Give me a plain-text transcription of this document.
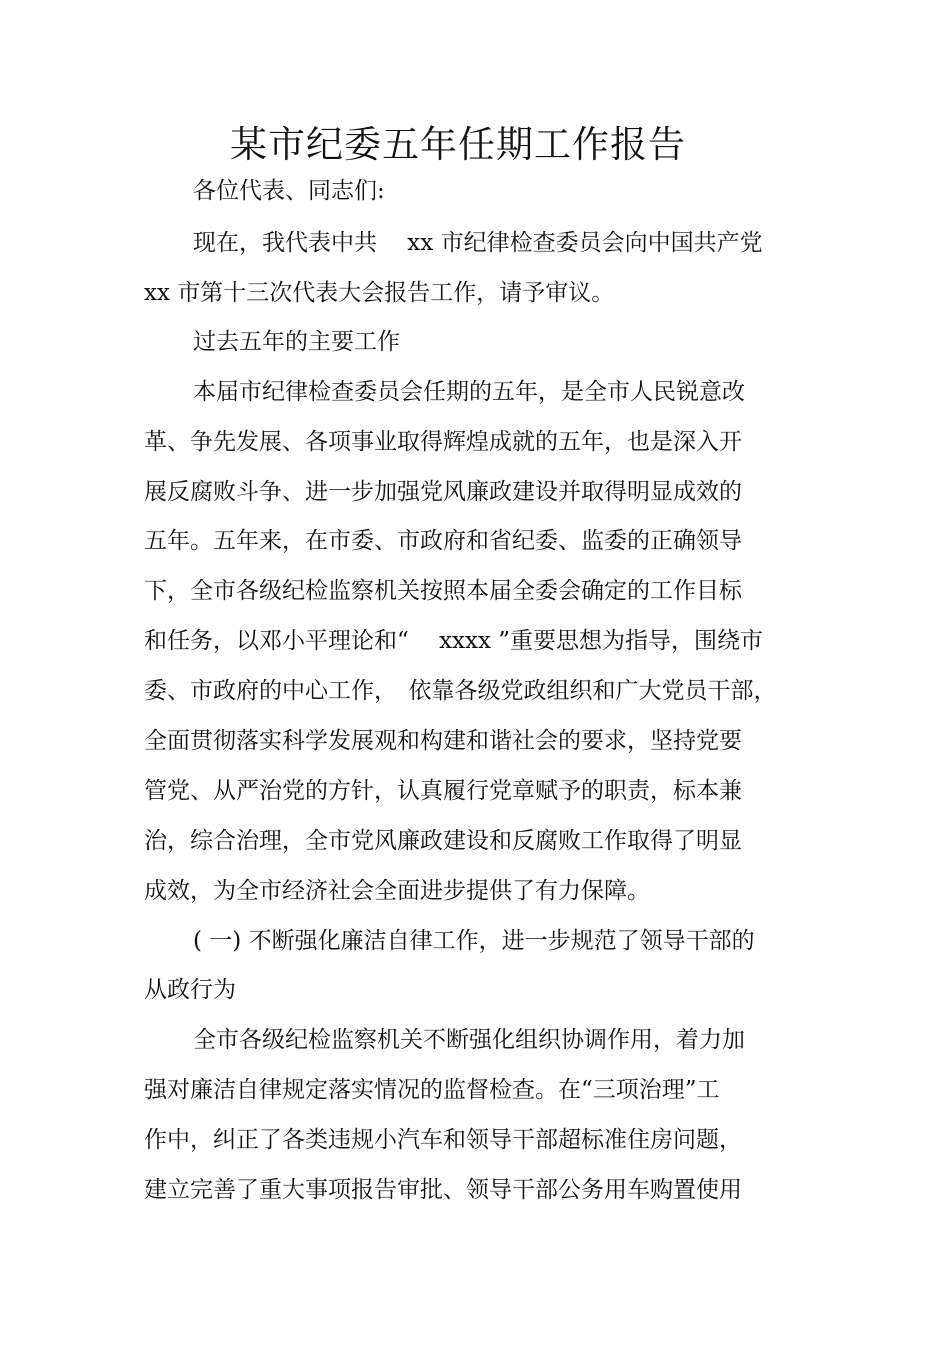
某市纪委五年任期工作报告

各位代表、同志们:

现在，我代表中共　 xx 市纪律检查委员会向中国共产党

xx 市第十三次代表大会报告工作，请予审议。

过去五年的主要工作

本届市纪律检查委员会任期的五年，是全市人民锐意改

革、争先发展、各项事业取得辉煌成就的五年，也是深入开

展反腐败斗争、进一步加强党风廉政建设并取得明显成效的

五年。五年来，在市委、市政府和省纪委、监委的正确领导

下，全市各级纪检监察机关按照本届全委会确定的工作目标

和任务，以邓小平理论和“　 xxxx ”重要思想为指导，围绕市

委、市政府的中心工作，　依靠各级党政组织和广大党员干部，

全面贯彻落实科学发展观和构建和谐社会的要求，坚持党要

管党、从严治党的方针，认真履行党章赋予的职责，标本兼

治，综合治理，全市党风廉政建设和反腐败工作取得了明显

成效，为全市经济社会全面进步提供了有力保障。

( 一) 不断强化廉洁自律工作，进一步规范了领导干部的

从政行为

全市各级纪检监察机关不断强化组织协调作用，着力加

强对廉洁自律规定落实情况的监督检查。在“三项治理”工

作中，纠正了各类违规小汽车和领导干部超标准住房问题，

建立完善了重大事项报告审批、领导干部公务用车购置使用
